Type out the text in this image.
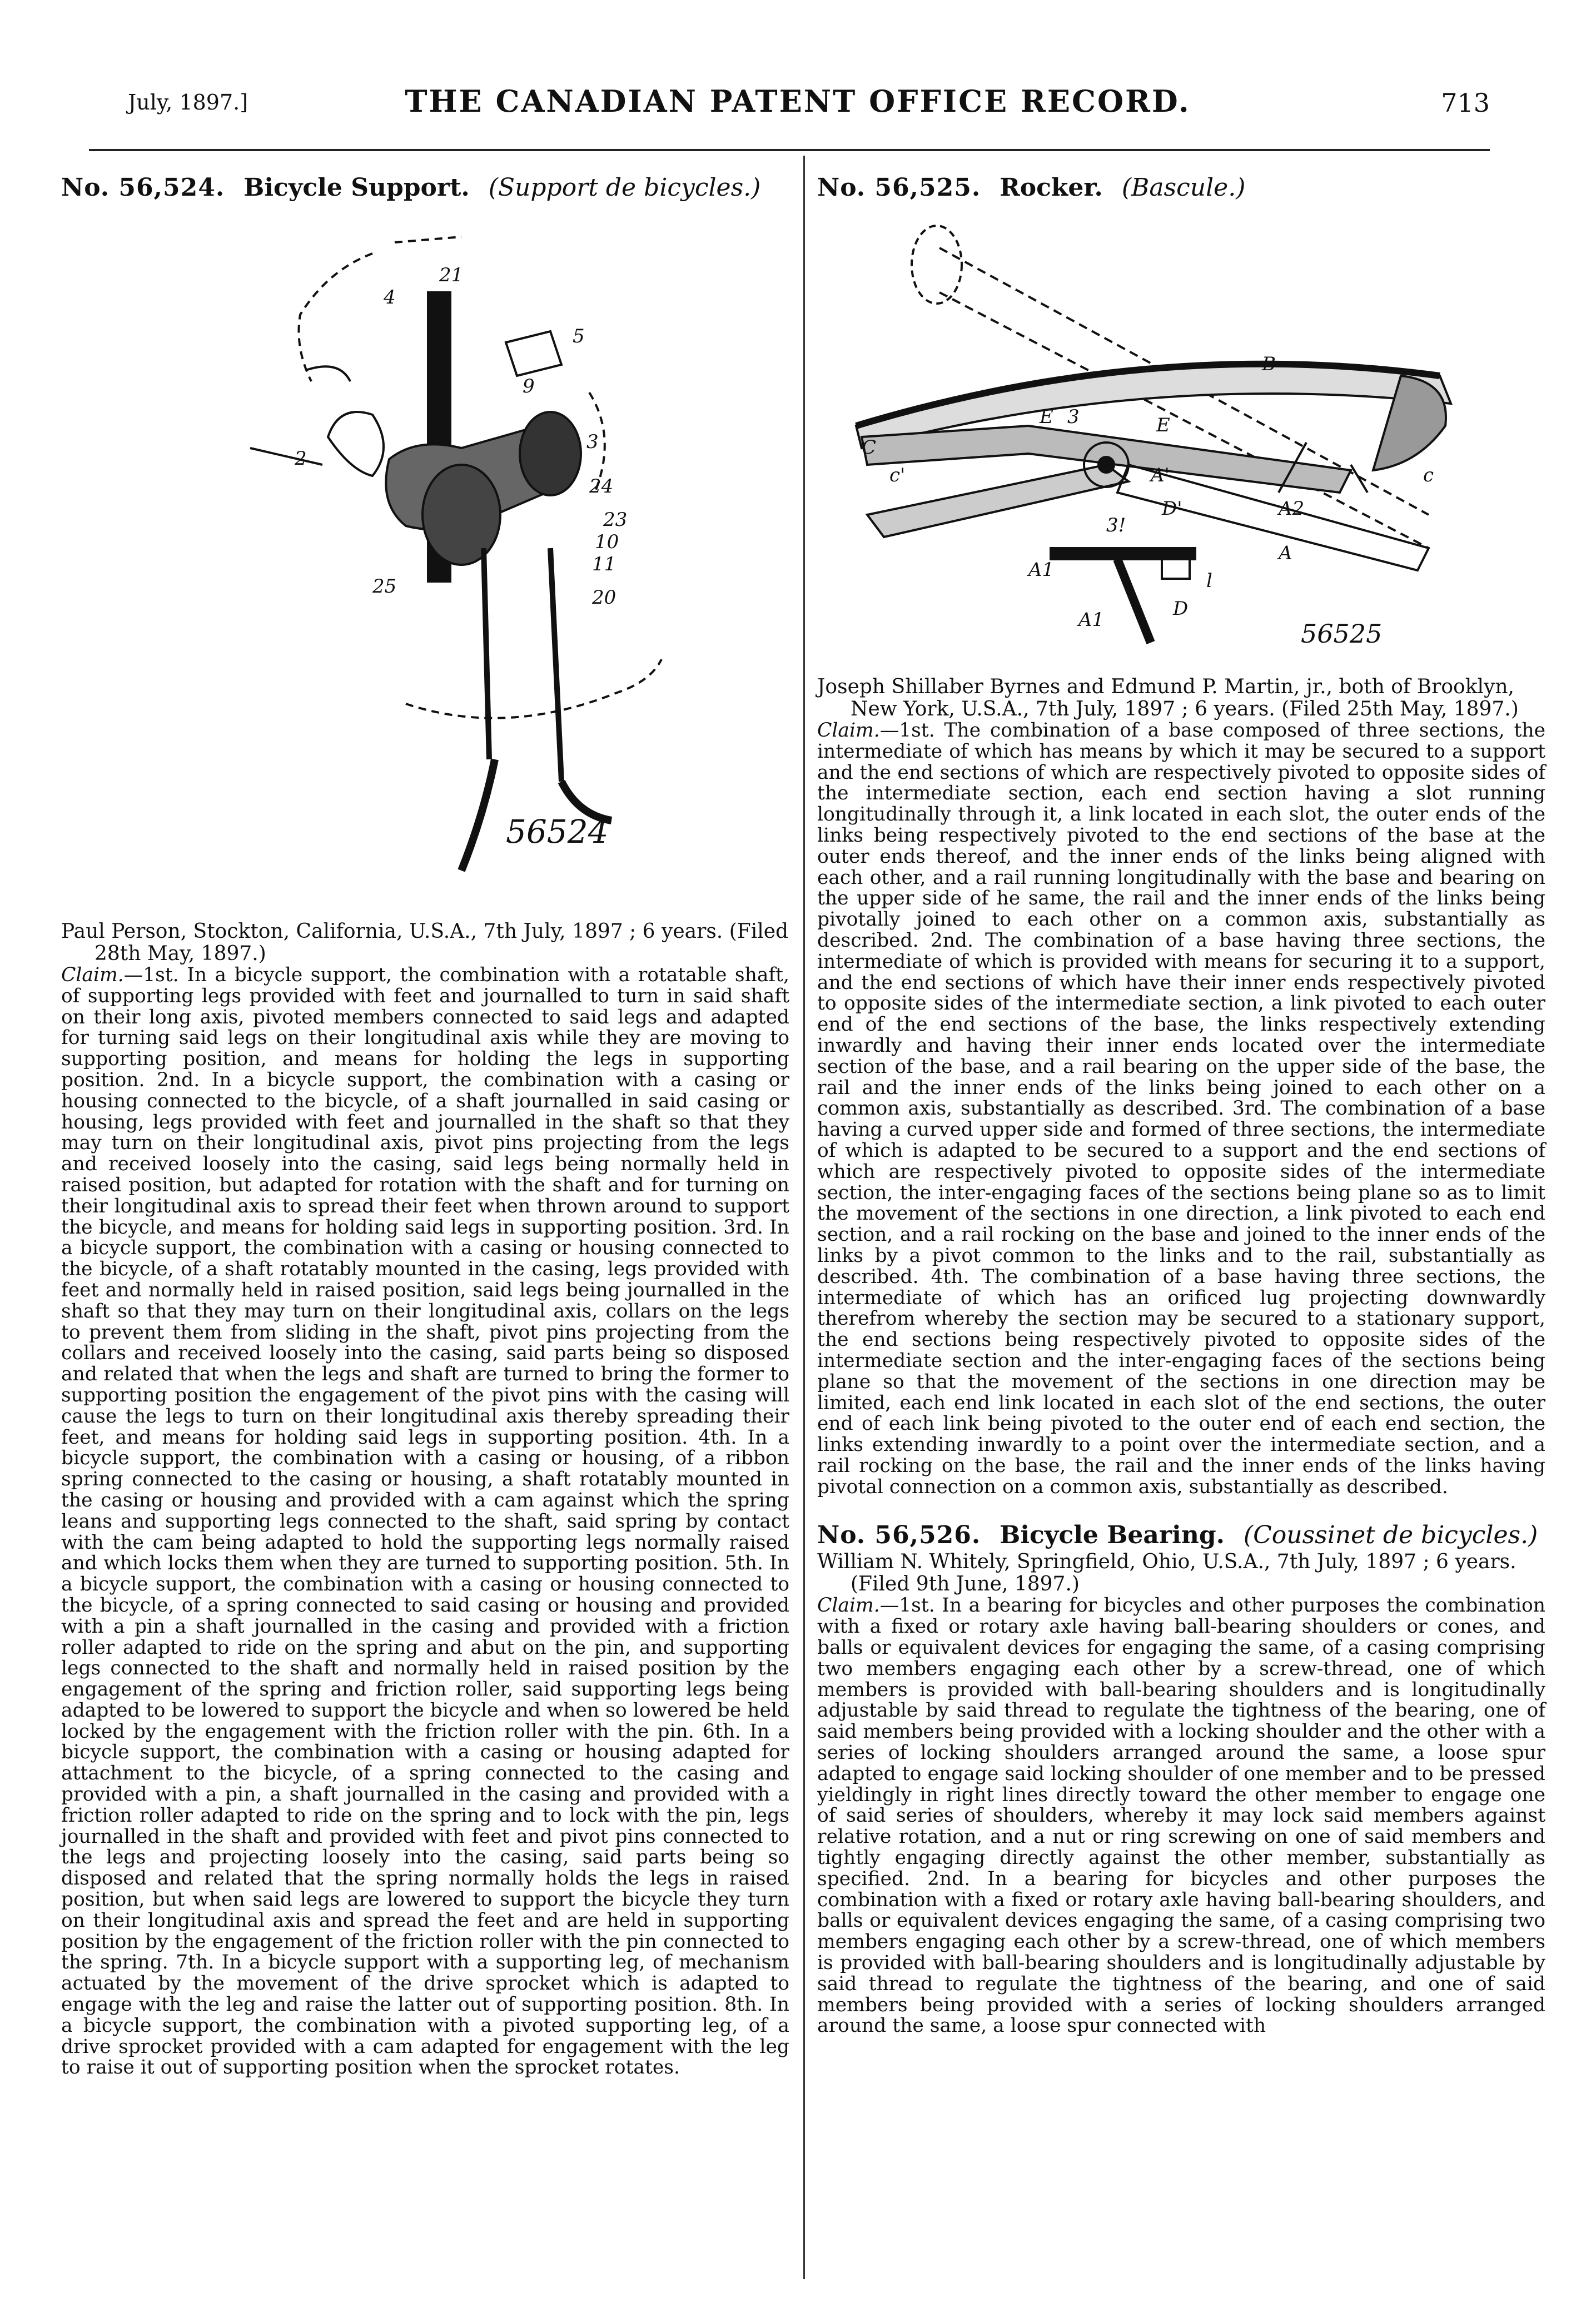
July, 1897.]	THE CANADIAN PATENT OFFICE RECORD.	713
No. 56,524. Bicycle Support. (Support de bicycles.)
4
21
5
9
3
24
23
10
11
20
25
2
56524

Paul Person, Stockton, California, U.S.A., 7th July, 1897 ; 6 years. (Filed 28th May, 1897.)

Claim.—1st. In a bicycle support, the combination with a rotatable shaft, of supporting legs provided with feet and journalled to turn in said shaft on their long axis, pivoted members connected to said legs and adapted for turning said legs on their longitudinal axis while they are moving to supporting position, and means for holding the legs in supporting position. 2nd. In a bicycle support, the combination with a casing or housing connected to the bicycle, of a shaft journalled in said casing or housing, legs provided with feet and journalled in the shaft so that they may turn on their longitudinal axis, pivot pins projecting from the legs and received loosely into the casing, said legs being normally held in raised position, but adapted for rotation with the shaft and for turning on their longitudinal axis to spread their feet when thrown around to support the bicycle, and means for holding said legs in supporting position. 3rd. In a bicycle support, the combination with a casing or housing connected to the bicycle, of a shaft rotatably mounted in the casing, legs provided with feet and normally held in raised position, said legs being journalled in the shaft so that they may turn on their longitudinal axis, collars on the legs to prevent them from sliding in the shaft, pivot pins projecting from the collars and received loosely into the casing, said parts being so disposed and related that when the legs and shaft are turned to bring the former to supporting position the engagement of the pivot pins with the casing will cause the legs to turn on their longitudinal axis thereby spreading their feet, and means for holding said legs in supporting position. 4th. In a bicycle support, the combination with a casing or housing, of a ribbon spring connected to the casing or housing, a shaft rotatably mounted in the casing or housing and provided with a cam against which the spring leans and supporting legs connected to the shaft, said spring by contact with the cam being adapted to hold the supporting legs normally raised and which locks them when they are turned to supporting position. 5th. In a bicycle support, the combination with a casing or housing connected to the bicycle, of a spring connected to said casing or housing and provided with a pin a shaft journalled in the casing and provided with a friction roller adapted to ride on the spring and abut on the pin, and supporting legs connected to the shaft and normally held in raised position by the engagement of the spring and friction roller, said supporting legs being adapted to be lowered to support the bicycle and when so lowered be held locked by the engagement with the friction roller with the pin. 6th. In a bicycle support, the combination with a casing or housing adapted for attachment to the bicycle, of a spring connected to the casing and provided with a pin, a shaft journalled in the casing and provided with a friction roller adapted to ride on the spring and to lock with the pin, legs journalled in the shaft and provided with feet and pivot pins connected to the legs and projecting loosely into the casing, said parts being so disposed and related that the spring normally holds the legs in raised position, but when said legs are lowered to support the bicycle they turn on their longitudinal axis and spread the feet and are held in supporting position by the engagement of the friction roller with the pin connected to the spring. 7th. In a bicycle support with a supporting leg, of mechanism actuated by the movement of the drive sprocket which is adapted to engage with the leg and raise the latter out of supporting position. 8th. In a bicycle support, the combination with a pivoted supporting leg, of a drive sprocket provided with a cam adapted for engagement with the leg to raise it out of supporting position when the sprocket rotates.

No. 56,525. Rocker. (Bascule.)
B
E 3	E
C
c'	c
A'
D'	A2
A
A1
A1	D
l
3!
56525

Joseph Shillaber Byrnes and Edmund P. Martin, jr., both of Brooklyn, New York, U.S.A., 7th July, 1897 ; 6 years. (Filed 25th May, 1897.)

Claim.—1st. The combination of a base composed of three sections, the intermediate of which has means by which it may be secured to a support and the end sections of which are respectively pivoted to opposite sides of the intermediate section, each end section having a slot running longitudinally through it, a link located in each slot, the outer ends of the links being respectively pivoted to the end sections of the base at the outer ends thereof, and the inner ends of the links being aligned with each other, and a rail running longitudinally with the base and bearing on the upper side of he same, the rail and the inner ends of the links being pivotally joined to each other on a common axis, substantially as described. 2nd. The combination of a base having three sections, the intermediate of which is provided with means for securing it to a support, and the end sections of which have their inner ends respectively pivoted to opposite sides of the intermediate section, a link pivoted to each outer end of the end sections of the base, the links respectively extending inwardly and having their inner ends located over the intermediate section of the base, and a rail bearing on the upper side of the base, the rail and the inner ends of the links being joined to each other on a common axis, substantially as described. 3rd. The combination of a base having a curved upper side and formed of three sections, the intermediate of which is adapted to be secured to a support and the end sections of which are respectively pivoted to opposite sides of the intermediate section, the inter-engaging faces of the sections being plane so as to limit the movement of the sections in one direction, a link pivoted to each end section, and a rail rocking on the base and joined to the inner ends of the links by a pivot common to the links and to the rail, substantially as described. 4th. The combination of a base having three sections, the intermediate of which has an orificed lug projecting downwardly therefrom whereby the section may be secured to a stationary support, the end sections being respectively pivoted to opposite sides of the intermediate section and the inter-engaging faces of the sections being plane so that the movement of the sections in one direction may be limited, each end link located in each slot of the end sections, the outer end of each link being pivoted to the outer end of each end section, the links extending inwardly to a point over the intermediate section, and a rail rocking on the base, the rail and the inner ends of the links having pivotal connection on a common axis, substantially as described.

No. 56,526. Bicycle Bearing. (Coussinet de bicycles.)

William N. Whitely, Springfield, Ohio, U.S.A., 7th July, 1897 ; 6 years. (Filed 9th June, 1897.)

Claim.—1st. In a bearing for bicycles and other purposes the combination with a fixed or rotary axle having ball-bearing shoulders or cones, and balls or equivalent devices for engaging the same, of a casing comprising two members engaging each other by a screw-thread, one of which members is provided with ball-bearing shoulders and is longitudinally adjustable by said thread to regulate the tightness of the bearing, one of said members being provided with a locking shoulder and the other with a series of locking shoulders arranged around the same, a loose spur adapted to engage said locking shoulder of one member and to be pressed yieldingly in right lines directly toward the other member to engage one of said series of shoulders, whereby it may lock said members against relative rotation, and a nut or ring screwing on one of said members and tightly engaging directly against the other member, substantially as specified. 2nd. In a bearing for bicycles and other purposes the combination with a fixed or rotary axle having ball-bearing shoulders, and balls or equivalent devices engaging the same, of a casing comprising two members engaging each other by a screw-thread, one of which members is provided with ball-bearing shoulders and is longitudinally adjustable by said thread to regulate the tightness of the bearing, and one of said members being provided with a series of locking shoulders arranged around the same, a loose spur connected with
